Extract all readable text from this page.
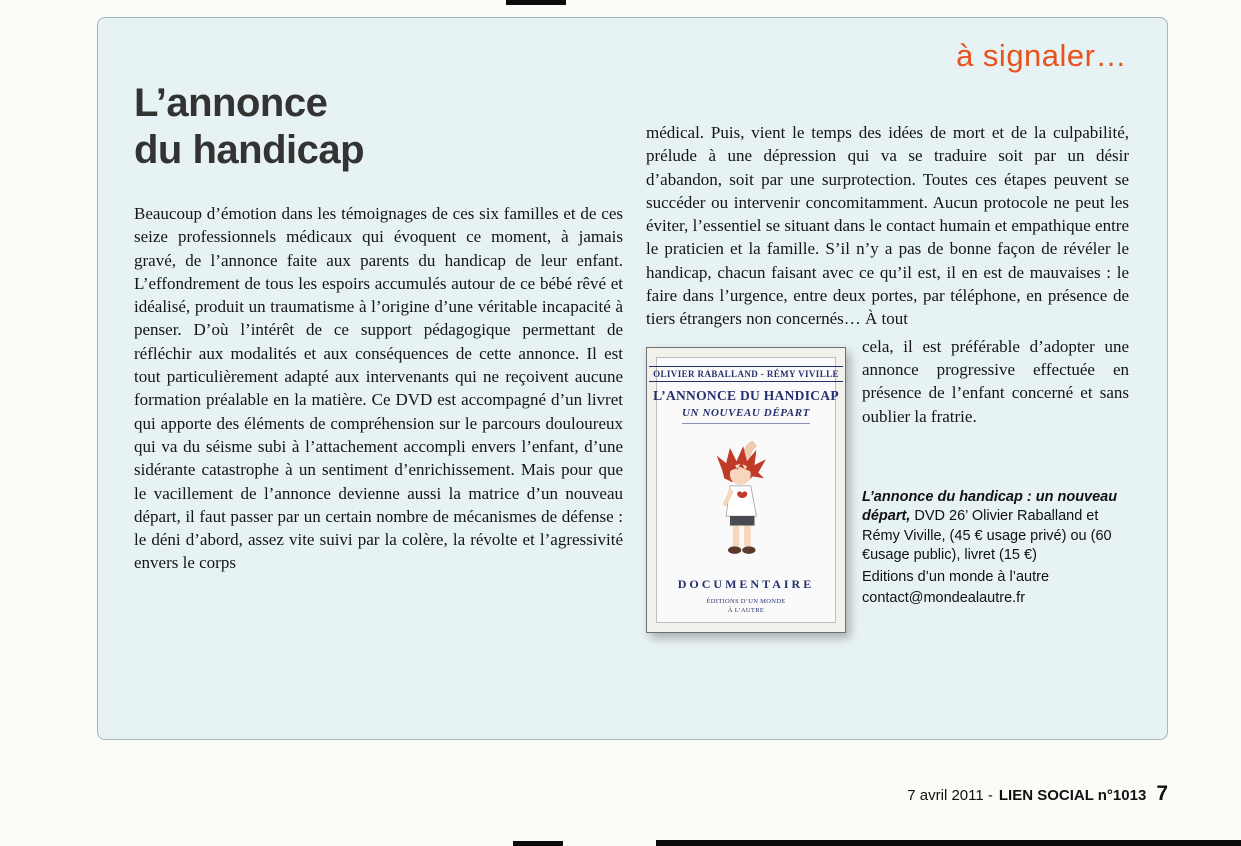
à signaler…
L’annonce
du handicap

Beaucoup d’émotion dans les témoignages de ces six familles et de ces seize professionnels médicaux qui évoquent ce moment, à jamais gravé, de l’annonce faite aux parents du handicap de leur enfant. L’effondrement de tous les espoirs accumulés autour de ce bébé rêvé et idéalisé, produit un traumatisme à l’origine d’une véritable incapacité à penser. D’où l’intérêt de ce support pédagogique permettant de réfléchir aux modalités et aux conséquences de cette annonce. Il est tout particulièrement adapté aux intervenants qui ne reçoivent aucune formation préalable en la matière. Ce DVD est accompagné d’un livret qui apporte des éléments de compréhension sur le parcours douloureux qui va du séisme subi à l’attachement accompli envers l’enfant, d’une sidérante catastrophe à un sentiment d’enrichissement. Mais pour que le vacillement de l’annonce devienne aussi la matrice d’un nouveau départ, il faut passer par un certain nombre de mécanismes de défense : le déni d’abord, assez vite suivi par la colère, la révolte et l’agressivité envers le corps

médical. Puis, vient le temps des idées de mort et de la culpabilité, prélude à une dépression qui va se traduire soit par un désir d’abandon, soit par une surprotection. Toutes ces étapes peuvent se succéder ou intervenir concomitamment. Aucun protocole ne peut les éviter, l’essentiel se situant dans le contact humain et empathique entre le praticien et la famille. S’il n’y a pas de bonne façon de révéler le handicap, chacun faisant avec ce qu’il est, il en est de mauvaises : le faire dans l’urgence, entre deux portes, par téléphone, en présence de tiers étrangers non concernés… À tout

OLIVIER RABALLAND - RÉMY VIVILLE
L’ANNONCE DU HANDICAP
UN NOUVEAU DÉPART
DOCUMENTAIRE
ÉDITIONS D’UN MONDE À L’AUTRE

cela, il est préférable d’adopter une annonce progressive effectuée en présence de l’enfant concerné et sans oublier la fratrie.

L’annonce du handicap : un nouveau départ, DVD 26’ Olivier Raballand et Rémy Viville, (45 € usage privé) ou (60 €usage public), livret (15 €)
Editions d’un monde à l’autre
contact@mondealautre.fr
7 avril 2011 - LIEN SOCIAL n°1013 7
